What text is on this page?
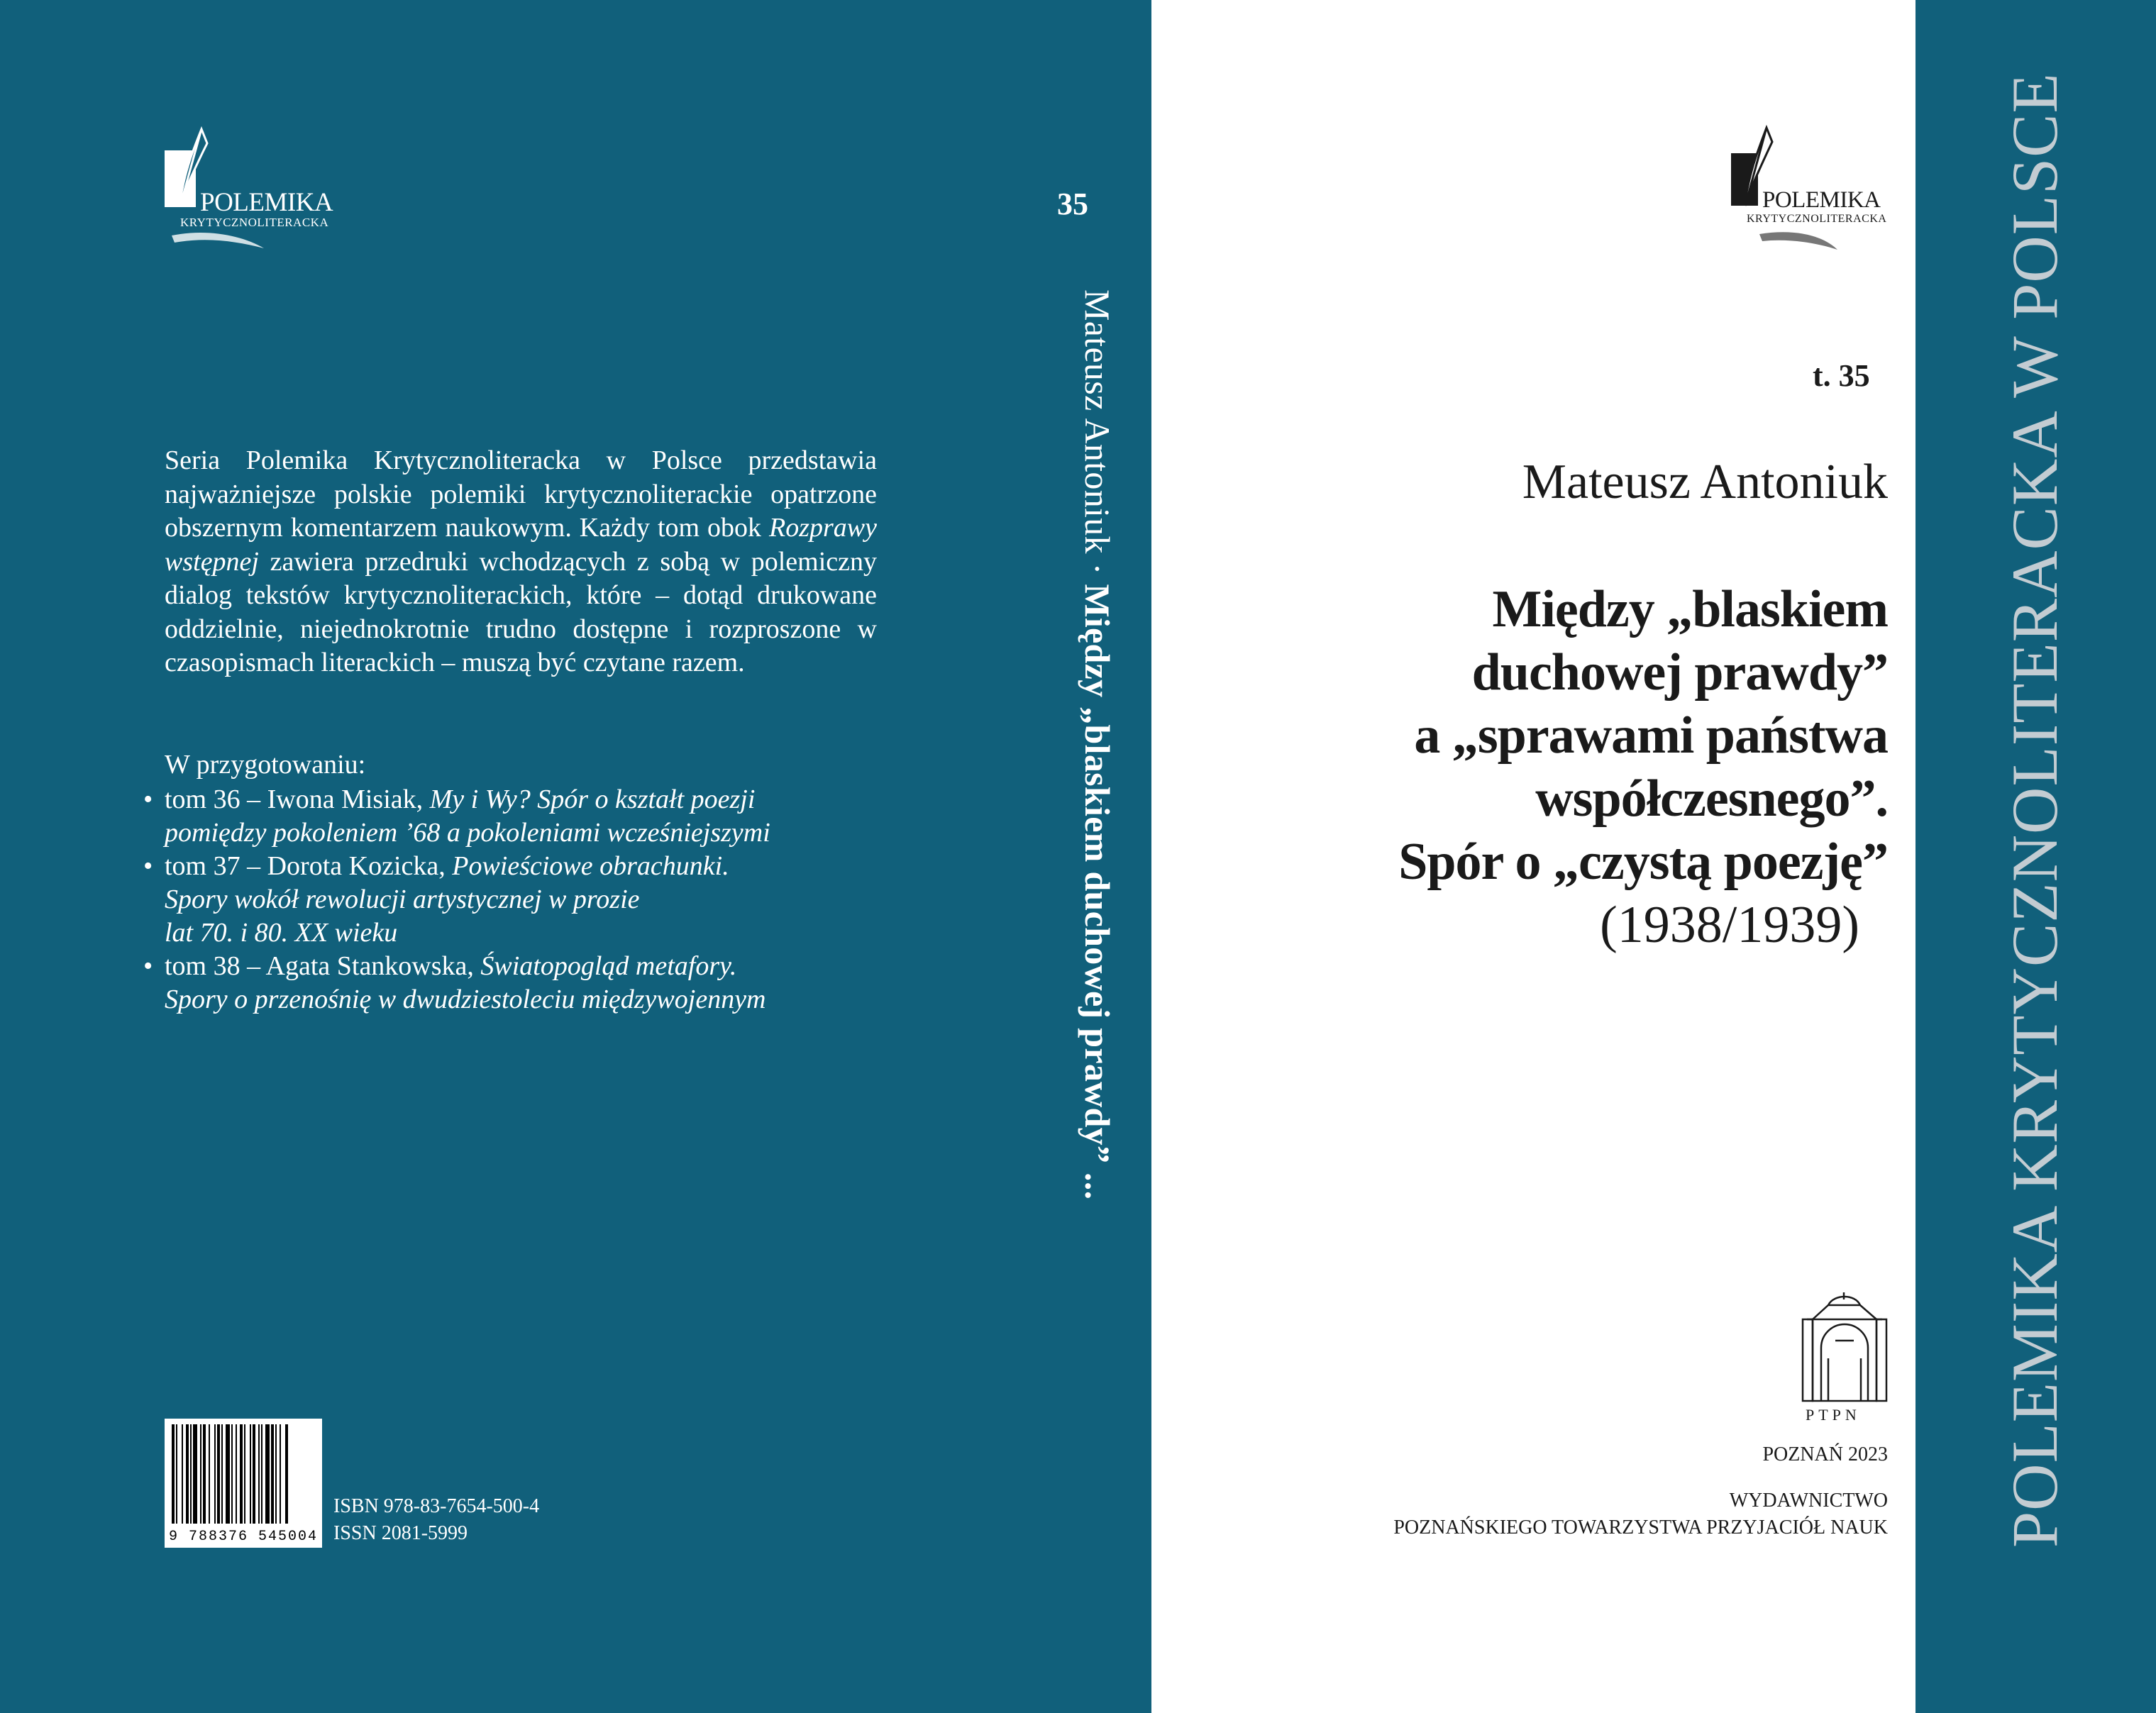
POLEMIKA
KRYTYCZNOLITERACKA
Seria Polemika Krytycznoliteracka w Polsce przedstawia najważniejsze polskie polemiki krytycznoliterackie opatrzone obszernym komentarzem naukowym. Każdy tom obok Rozprawy wstępnej zawiera przedruki wchodzących z sobą w polemiczny dialog tekstów krytycznoliterackich, które – dotąd drukowane oddzielnie, niejednokrotnie trudno dostępne i rozproszone w czasopismach literackich – muszą być czytane razem.
W przygotowaniu:
• tom 36 – Iwona Misiak, My i Wy? Spór o kształt poezji
pomiędzy pokoleniem ’68 a pokoleniami wcześniejszymi
• tom 37 – Dorota Kozicka, Powieściowe obrachunki.
Spory wokół rewolucji artystycznej w prozie
lat 70. i 80. XX wieku
• tom 38 – Agata Stankowska, Światopogląd metafory.
Spory o przenośnię w dwudziestoleciu międzywojennym
9 788376 545004
ISBN 978-83-7654-500-4
ISSN 2081-5999
35
Mateusz Antoniuk · Między „blaskiem duchowej prawdy” ...
POLEMIKA
KRYTYCZNOLITERACKA
t. 35
Mateusz Antoniuk
Między „blaskiem
duchowej prawdy”
a „sprawami państwa
współczesnego”.
Spór o „czystą poezję”
(1938/1939)
PTPN
POZNAŃ 2023
WYDAWNICTWO
POZNAŃSKIEGO TOWARZYSTWA PRZYJACIÓŁ NAUK POLEMIKA KRYTYCZNOLITERACKA W POLSCE
